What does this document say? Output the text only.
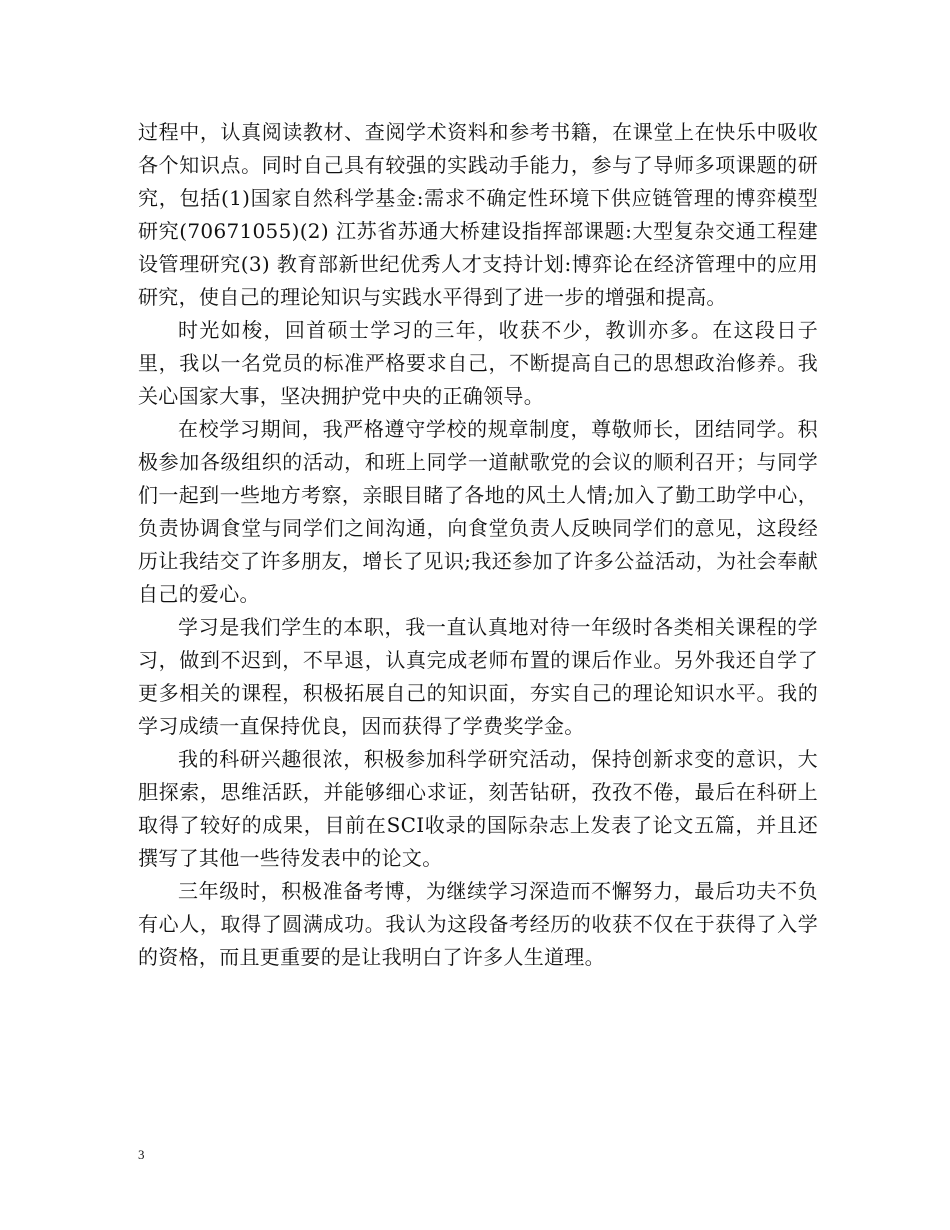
过程中，认真阅读教材、查阅学术资料和参考书籍，在课堂上在快乐中吸收各个知识点。同时自己具有较强的实践动手能力，参与了导师多项课题的研究，包括(1)国家自然科学基金:需求不确定性环境下供应链管理的博弈模型研究(70671055)(2) 江苏省苏通大桥建设指挥部课题:大型复杂交通工程建设管理研究(3) 教育部新世纪优秀人才支持计划:博弈论在经济管理中的应用研究，使自己的理论知识与实践水平得到了进一步的增强和提高。

时光如梭，回首硕士学习的三年，收获不少，教训亦多。在这段日子里，我以一名党员的标准严格要求自己，不断提高自己的思想政治修养。我关心国家大事，坚决拥护党中央的正确领导。

在校学习期间，我严格遵守学校的规章制度，尊敬师长，团结同学。积极参加各级组织的活动，和班上同学一道献歌党的会议的顺利召开；与同学们一起到一些地方考察，亲眼目睹了各地的风土人情;加入了勤工助学中心，负责协调食堂与同学们之间沟通，向食堂负责人反映同学们的意见，这段经历让我结交了许多朋友，增长了见识;我还参加了许多公益活动，为社会奉献自己的爱心。

学习是我们学生的本职，我一直认真地对待一年级时各类相关课程的学习，做到不迟到，不早退，认真完成老师布置的课后作业。另外我还自学了更多相关的课程，积极拓展自己的知识面，夯实自己的理论知识水平。我的学习成绩一直保持优良，因而获得了学费奖学金。

我的科研兴趣很浓，积极参加科学研究活动，保持创新求变的意识，大胆探索，思维活跃，并能够细心求证，刻苦钻研，孜孜不倦，最后在科研上取得了较好的成果，目前在SCI收录的国际杂志上发表了论文五篇，并且还撰写了其他一些待发表中的论文。

三年级时，积极准备考博，为继续学习深造而不懈努力，最后功夫不负有心人，取得了圆满成功。我认为这段备考经历的收获不仅在于获得了入学的资格，而且更重要的是让我明白了许多人生道理。

3
